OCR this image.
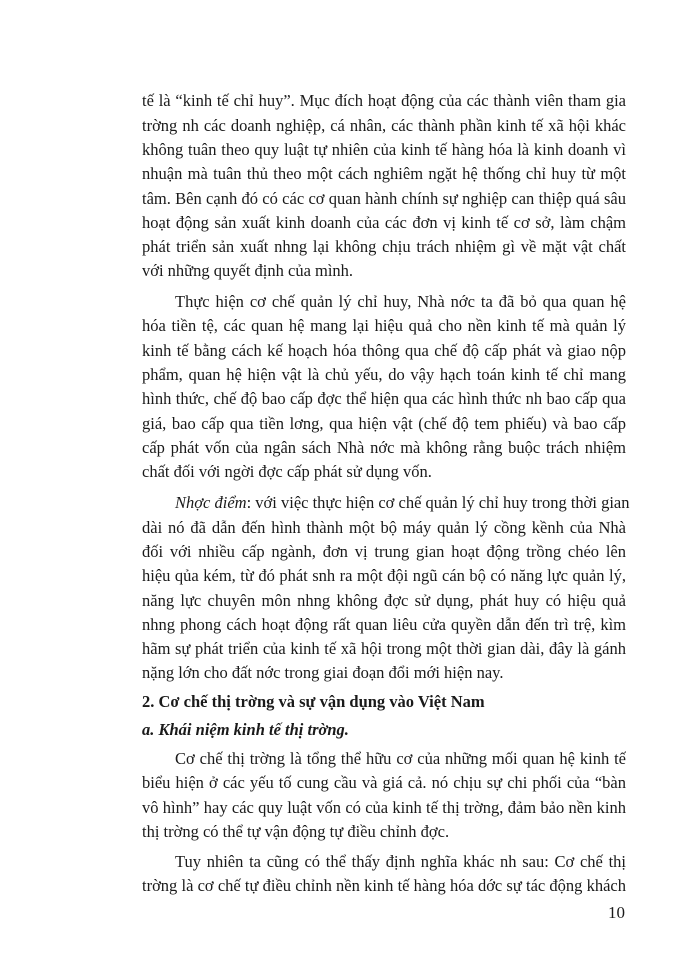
tế là “kinh tế chỉ huy”. Mục đích hoạt động của các thành viên tham gia
trờng nh các doanh nghiệp, cá nhân, các thành phần kinh tế xã hội khác
không tuân theo quy luật tự nhiên của kinh tế hàng hóa là kinh doanh vì
nhuận mà tuân thủ theo một cách nghiêm ngặt hệ thống chỉ huy từ một
tâm. Bên cạnh đó có các cơ quan hành chính sự nghiệp can thiệp quá sâu
hoạt động sản xuất kinh doanh của các đơn vị kinh tế cơ sở, làm chậm
phát triển sản xuất nhng lại không chịu trách nhiệm gì về mặt vật chất
với những quyết định của mình.
Thực hiện cơ chế quản lý chỉ huy, Nhà nớc ta đã bỏ qua quan hệ
hóa tiền tệ, các quan hệ mang lại hiệu quả cho nền kinh tế mà quản lý
kinh tế bằng cách kế hoạch hóa thông qua chế độ cấp phát và giao nộp
phẩm, quan hệ hiện vật là chủ yếu, do vậy hạch toán kinh tế chỉ mang
hình thức, chế độ bao cấp đợc thể hiện qua các hình thức nh bao cấp qua
giá, bao cấp qua tiền lơng, qua hiện vật (chế độ tem phiếu) và bao cấp
cấp phát vốn của ngân sách Nhà nớc mà không rằng buộc trách nhiệm
chất đối với ngời đợc cấp phát sử dụng vốn.
Nhợc điểm: với việc thực hiện cơ chế quản lý chỉ huy trong thời gian
dài nó đã dẫn đến hình thành một bộ máy quản lý cồng kềnh của Nhà
đối với nhiều cấp ngành, đơn vị trung gian hoạt động trồng chéo lên
hiệu qủa kém, từ đó phát snh ra một đội ngũ cán bộ có năng lực quản lý,
năng lực chuyên môn nhng không đợc sử dụng, phát huy có hiệu quả
nhng phong cách hoạt động rất quan liêu cửa quyền dẫn đến trì trệ, kìm
hãm sự phát triển của kinh tế xã hội trong một thời gian dài, đây là gánh
nặng lớn cho đất nớc trong giai đoạn đổi mới hiện nay.
2. Cơ chế thị trờng và sự vận dụng vào Việt Nam
a. Khái niệm kinh tế thị trờng.
Cơ chế thị trờng là tổng thể hữu cơ của những mối quan hệ kinh tế
biểu hiện ở các yếu tố cung cầu và giá cả. nó chịu sự chi phối của “bàn
vô hình” hay các quy luật vốn có của kinh tế thị trờng, đảm bảo nền kinh
thị trờng có thể tự vận động tự điều chỉnh đợc.
Tuy nhiên ta cũng có thể thấy định nghĩa khác nh sau: Cơ chế thị
trờng là cơ chế tự điều chỉnh nền kinh tế hàng hóa dớc sự tác động khách
10
